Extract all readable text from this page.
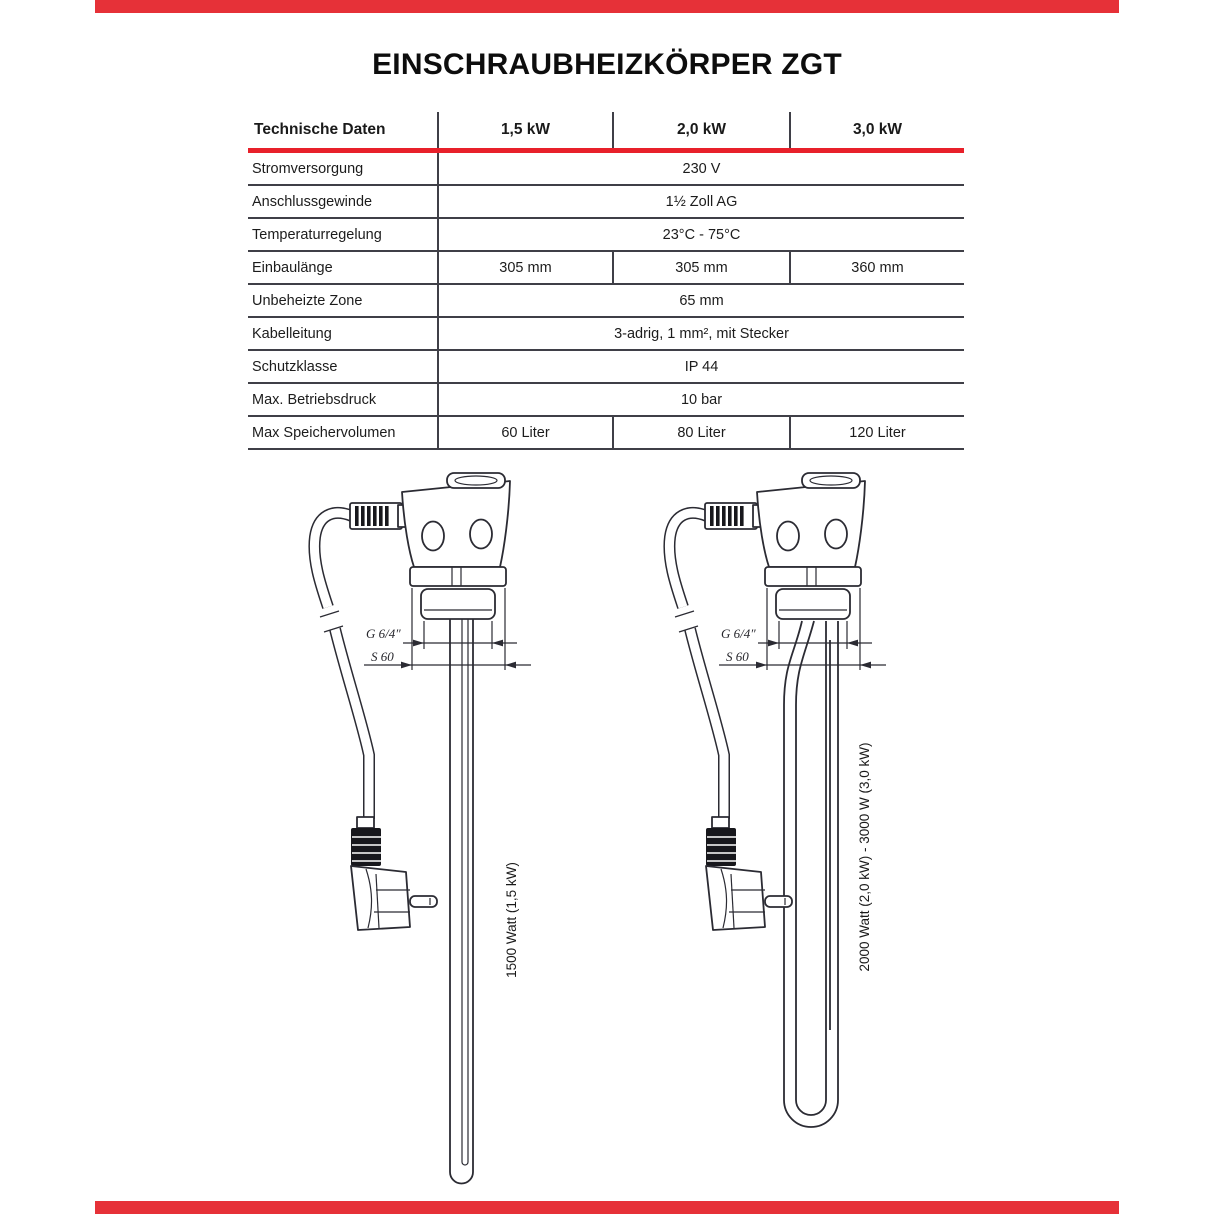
EINSCHRAUBHEIZKÖRPER ZGT
Technische Daten	1,5 kW	2,0 kW	3,0 kW
Stromversorgung	230 V		
Anschlussgewinde	1½ Zoll AG		
Temperaturregelung	23°C - 75°C		
Einbaulänge	305 mm	305 mm	360 mm
Unbeheizte Zone	65 mm		
Kabelleitung	3-adrig, 1 mm², mit Stecker		
Schutzklasse	IP 44		
Max. Betriebsdruck	10 bar		
Max Speichervolumen	60 Liter	80 Liter	120 Liter
1500 Watt (1,5 kW)	2000 Watt (2,0 kW) - 3000 W (3,0 kW)
